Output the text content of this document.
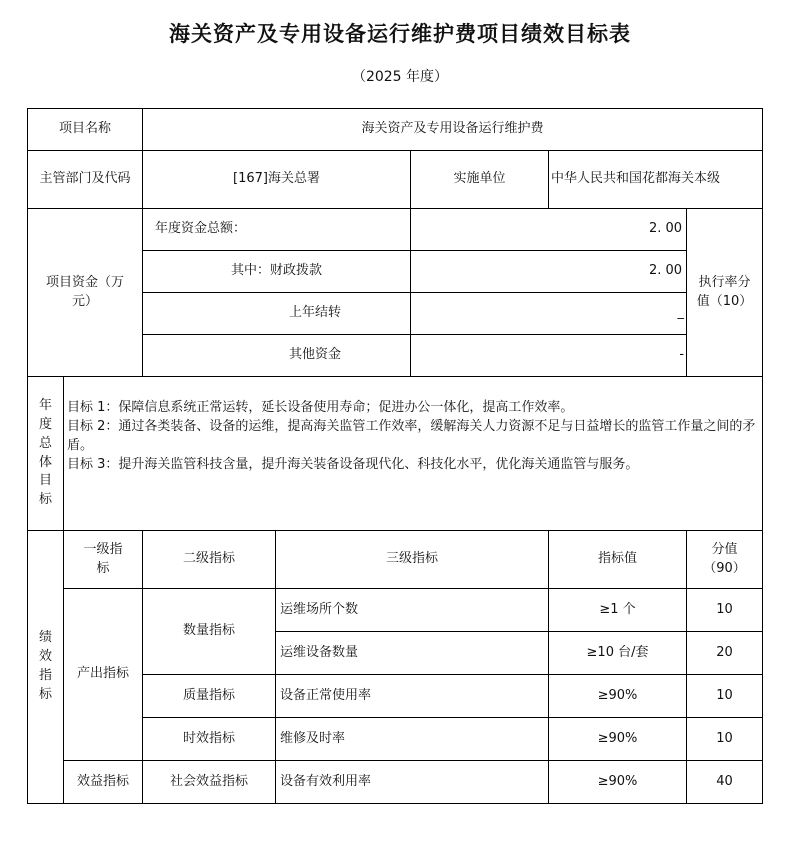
海关资产及专用设备运行维护费项目绩效目标表
（2025 年度）
项目名称		海关资产及专用设备运行维护费				
主管部门及代码		[167]海关总署		实施单位	中华人民共和国花都海关本级	
项目资金（万元）		年度资金总额：		2. 00		执行率分值（10）
		其中：财政拨款		2. 00		
		上年结转		_		
		其他资金		-		

年度总体目标	目标 1：保障信息系统正常运转，延长设备使用寿命；促进办公一体化，提高工作效率。
目标 2：通过各类装备、设备的运维，提高海关监管工作效率，缓解海关人力资源不足与日益增长的监管工作量之间的矛盾。
目标 3：提升海关监管科技含量，提升海关装备设备现代化、科技化水平，优化海关通监管与服务。					

绩效指标	一级指标	二级指标	三级指标		指标值	分值（90）
	产出指标	数量指标	运维场所个数		≥1 个	10
			运维设备数量		≥10 台/套	20
		质量指标	设备正常使用率		≥90%	10
		时效指标	维修及时率		≥90%	10
	效益指标	社会效益指标	设备有效利用率		≥90%	40
